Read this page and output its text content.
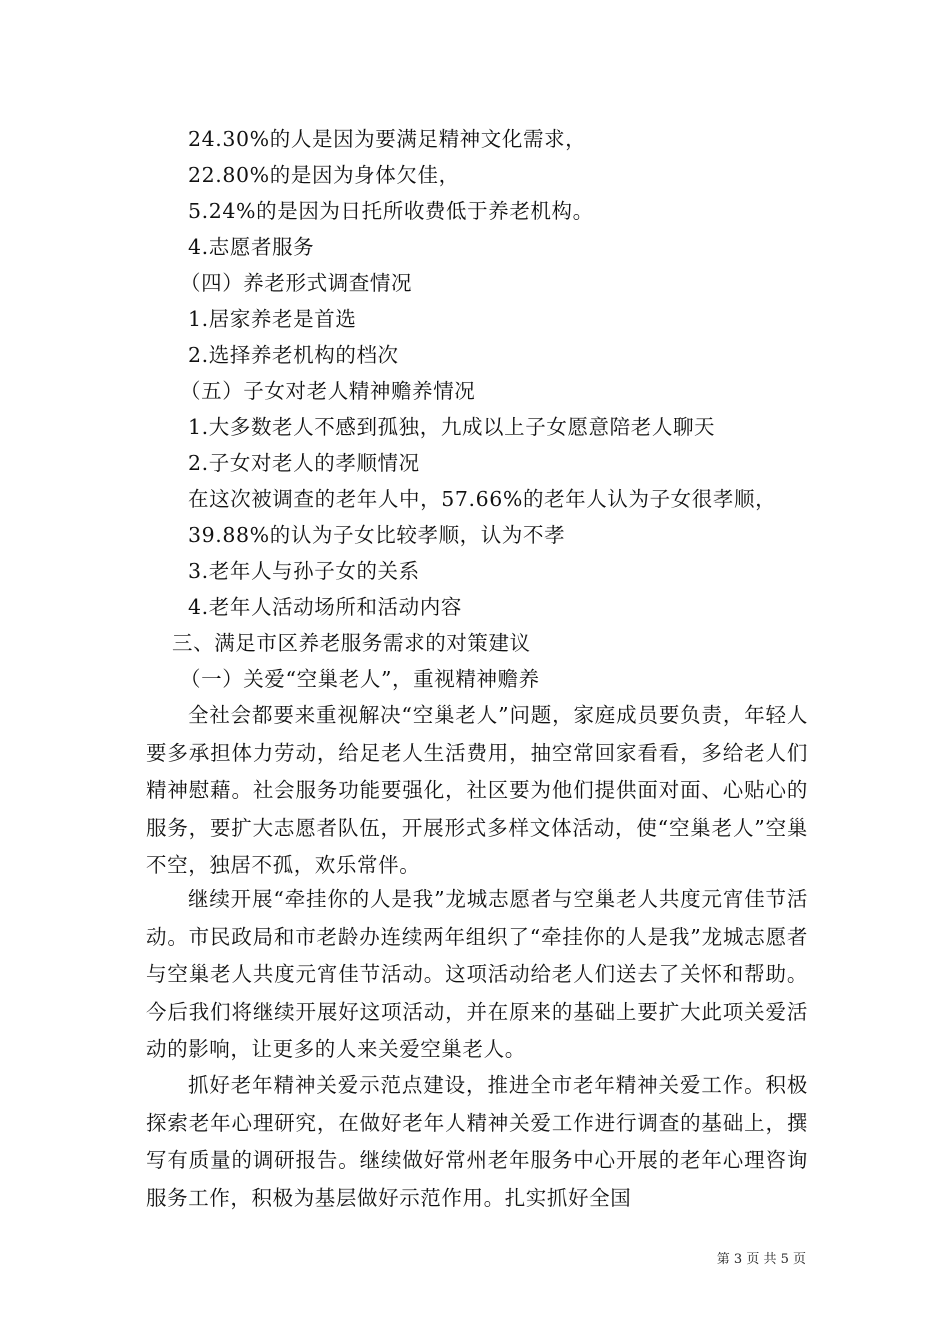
24.30%的人是因为要满足精神文化需求，
22.80%的是因为身体欠佳，
5.24%的是因为日托所收费低于养老机构。
4.志愿者服务
（四）养老形式调查情况
1.居家养老是首选
2.选择养老机构的档次
（五）子女对老人精神赡养情况
1.大多数老人不感到孤独，九成以上子女愿意陪老人聊天
2.子女对老人的孝顺情况
在这次被调查的老年人中，57.66%的老年人认为子女很孝顺，
39.88%的认为子女比较孝顺，认为不孝
3.老年人与孙子女的关系
4.老年人活动场所和活动内容
三、满足市区养老服务需求的对策建议
（一）关爱“空巢老人”，重视精神赡养
全社会都要来重视解决“空巢老人”问题，家庭成员要负责，年轻人要多承担体力劳动，给足老人生活费用，抽空常回家看看，多给老人们精神慰藉。社会服务功能要强化，社区要为他们提供面对面、心贴心的服务，要扩大志愿者队伍，开展形式多样文体活动，使“空巢老人”空巢不空，独居不孤，欢乐常伴。
继续开展“牵挂你的人是我”龙城志愿者与空巢老人共度元宵佳节活动。市民政局和市老龄办连续两年组织了“牵挂你的人是我”龙城志愿者与空巢老人共度元宵佳节活动。这项活动给老人们送去了关怀和帮助。今后我们将继续开展好这项活动，并在原来的基础上要扩大此项关爱活动的影响，让更多的人来关爱空巢老人。
抓好老年精神关爱示范点建设，推进全市老年精神关爱工作。积极探索老年心理研究，在做好老年人精神关爱工作进行调查的基础上，撰写有质量的调研报告。继续做好常州老年服务中心开展的老年心理咨询服务工作，积极为基层做好示范作用。扎实抓好全国
第 3 页 共 5 页
